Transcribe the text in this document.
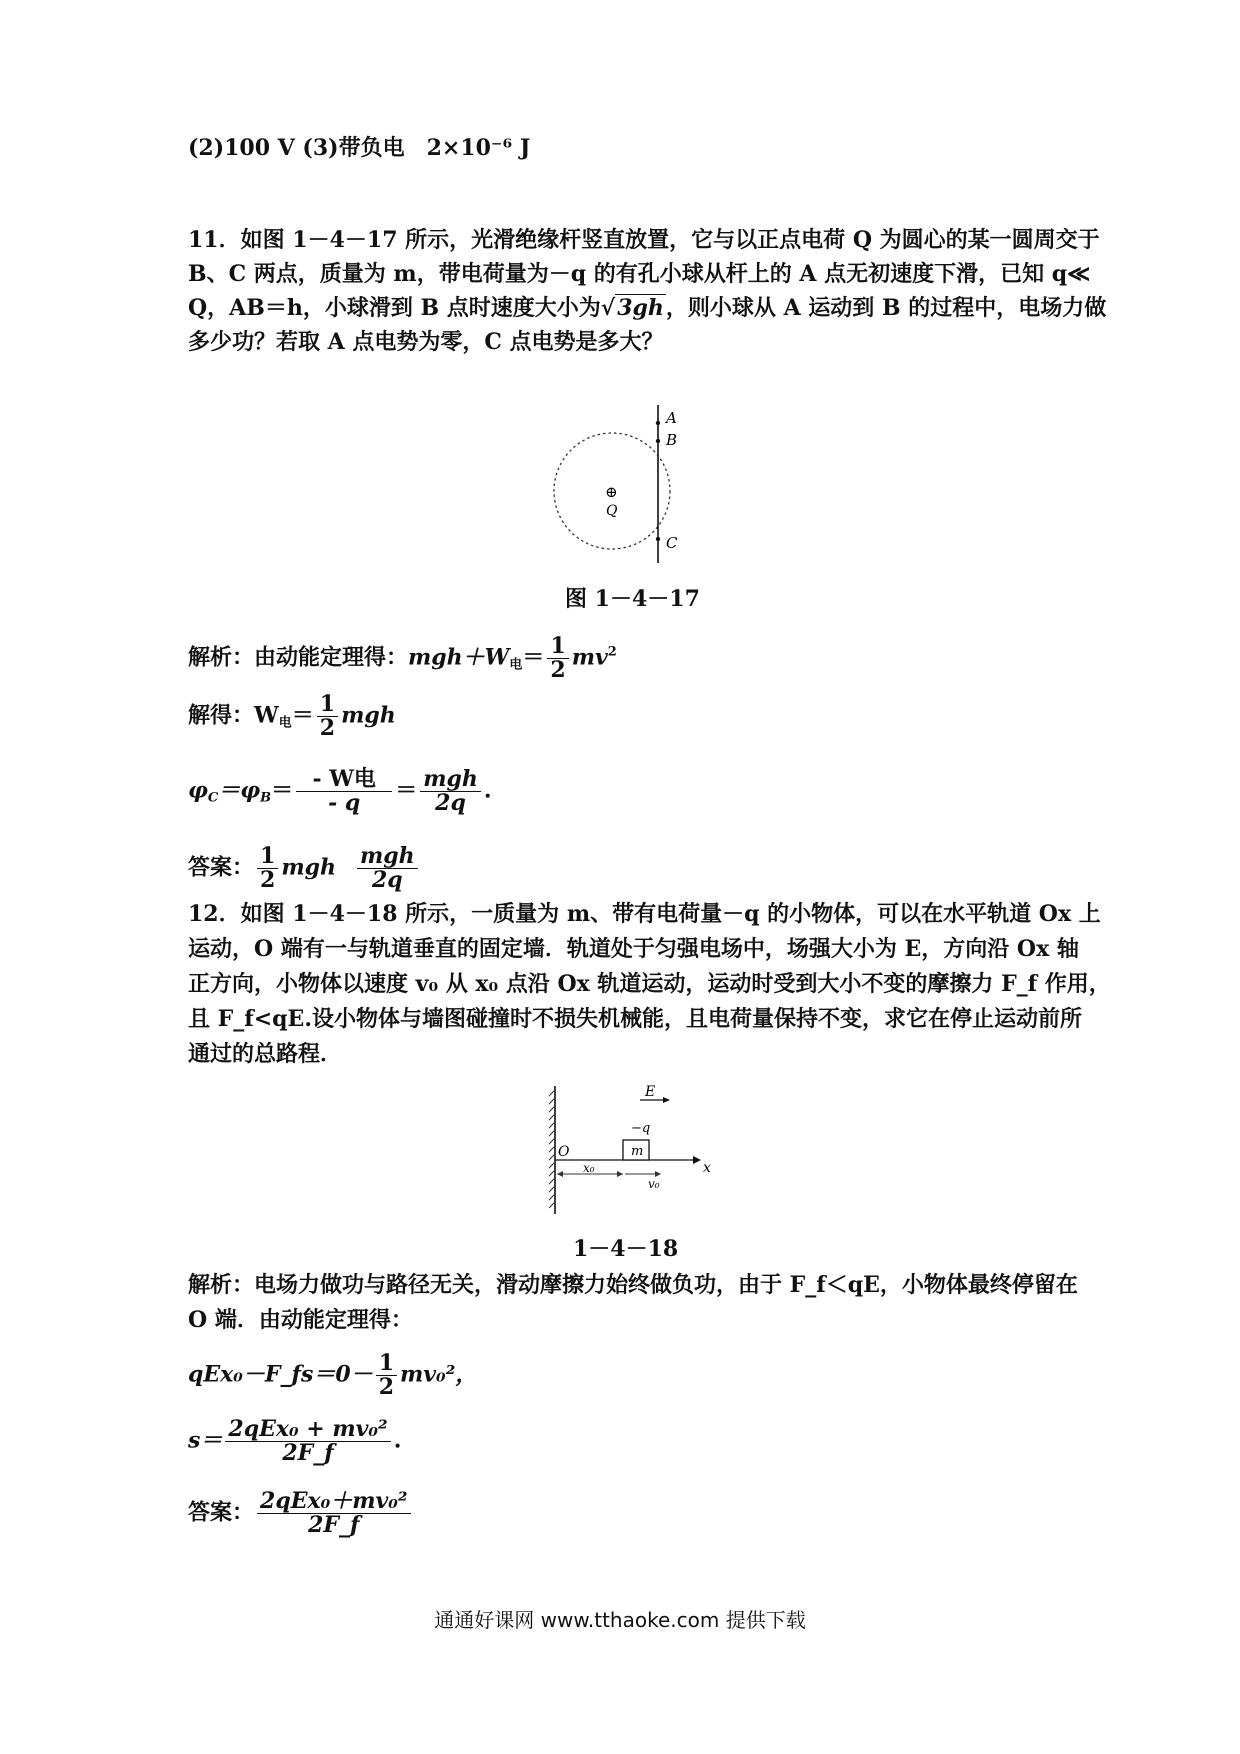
(2)100 V (3)带负电　2×10⁻⁶ J
11．如图 1－4－17 所示，光滑绝缘杆竖直放置，它与以正点电荷 Q 为圆心的某一圆周交于
B、C 两点，质量为 m，带电荷量为－q 的有孔小球从杆上的 A 点无初速度下滑，已知 q≪
Q，AB＝h，小球滑到 B 点时速度大小为√3gh，则小球从 A 运动到 B 的过程中，电场力做
多少功？若取 A 点电势为零，C 点电势是多大？
A
B
C
⊕
Q
图 1－4－17
解析：由动能定理得：$mgh+W_电= \frac{1}{2} mv^2$
解得：$W_电= \frac{1}{2}$ mgh
$\varphi_C=\varphi_B= \frac{\text{- W电}}{- q} = \frac{\text{mgh}}{2q}$ .
答案： $\frac{1}{2}$ mgh $\frac{\text{mgh}}{2q}$
12．如图 1－4－18 所示，一质量为 m、带有电荷量－q 的小物体，可以在水平轨道 Ox 上
运动，O 端有一与轨道垂直的固定墙．轨道处于匀强电场中，场强大小为 E，方向沿 Ox 轴
正方向，小物体以速度 v₀ 从 x₀ 点沿 Ox 轨道运动，运动时受到大小不变的摩擦力 F_f 作用，
且 F_f<qE.设小物体与墙图碰撞时不损失机械能，且电荷量保持不变，求它在停止运动前所
通过的总路程．
E
−q
m
O
x₀
v₀
x
1－4－18
解析：电场力做功与路径无关，滑动摩擦力始终做负功，由于 F_f＜qE，小物体最终停留在
O 端．由动能定理得：
qEx₀－F_fs＝0－ $\frac{1}{2} mv_0^2$，
$s= \frac{\text{2qEx₀ + mv₀²}}{2F\_f}$ .
答案： $\frac{\text{2qEx₀＋mv₀²}}{2F\_f}$
通通好课网 www.tthaoke.com 提供下载
